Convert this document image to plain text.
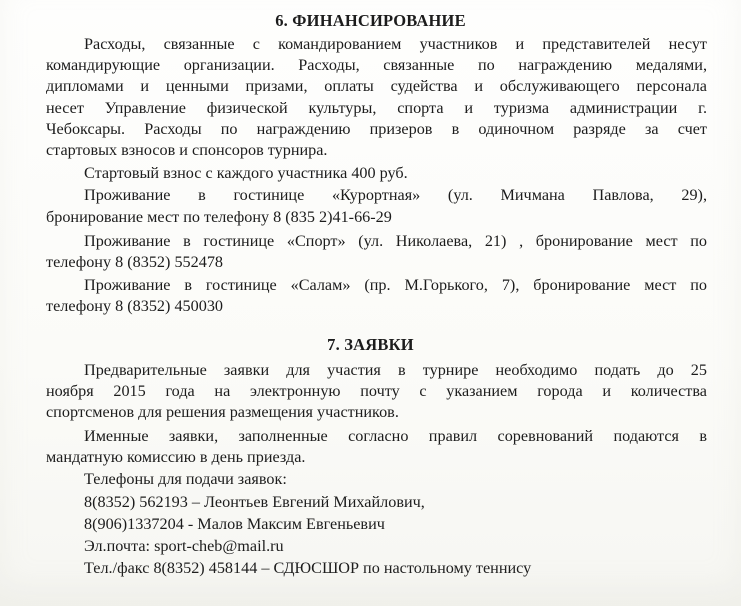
6. ФИНАНСИРОВАНИЕ
Расходы, связанные с командированием участников и представителей несут
командирующие организации. Расходы, связанные по награждению медалями,
дипломами и ценными призами, оплаты судейства и обслуживающего персонала
несет Управление физической культуры, спорта и туризма администрации г.
Чебоксары. Расходы по награждению призеров в одиночном разряде за счет
стартовых взносов и спонсоров турнира.
Стартовый взнос с каждого участника 400 руб.
Проживание в гостинице «Курортная» (ул. Мичмана Павлова, 29),
бронирование мест по телефону 8 (835 2)41-66-29
Проживание в гостинице «Спорт» (ул. Николаева, 21) , бронирование мест по
телефону 8 (8352) 552478
Проживание в гостинице «Салам» (пр. М.Горького, 7), бронирование мест по
телефону 8 (8352) 450030
7. ЗАЯВКИ
Предварительные заявки для участия в турнире необходимо подать до 25
ноября 2015 года на электронную почту с указанием города и количества
спортсменов для решения размещения участников.
Именные заявки, заполненные согласно правил соревнований подаются в
мандатную комиссию в день приезда.
Телефоны для подачи заявок:
8(8352) 562193 – Леонтьев Евгений Михайлович,
8(906)1337204 - Малов Максим Евгеньевич
Эл.почта: sport-cheb@mail.ru
Тел./факс 8(8352) 458144 – СДЮСШОР по настольному теннису
